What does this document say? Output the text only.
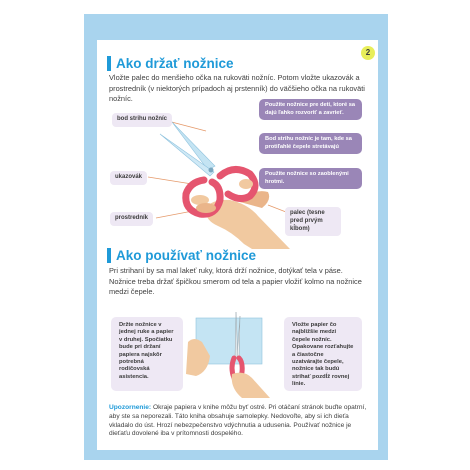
2
Ako držať nožnice
Vložte palec do menšieho očka na rukoväti nožníc. Potom vložte ukazovák a prostredník (v niektorých prípadoch aj prstenník) do väčšieho očka na rukoväti nožníc.
bod strihu nožníc
ukazovák
prostredník
palec (tesne pred prvým kĺbom)
Použite nožnice pre deti, ktoré sa dajú ľahko rozvoriť a zavrieť.
Bod strihu nožníc je tam, kde sa protiľahlé čepele stretávajú
Použite nožnice so zaoblenými hrotmi.
Ako používať nožnice
Pri strihaní by sa mal lakeť ruky, ktorá drží nožnice, dotýkať tela v páse. Nožnice treba držať špičkou smerom od tela a papier vložiť kolmo na nožnice medzi čepele.
Držte nožnice v jednej ruke a papier v druhej. Spočiatku bude pri držaní papiera najskôr potrebná rodičovská asistencia.
Vložte papier čo najbližšie medzi čepele nožníc. Opakovane rozťahujte a čiastočne uzatvárajte čepele, nožnice tak budú strihať pozdĺž rovnej línie.
Upozornenie: Okraje papiera v knihe môžu byť ostré. Pri otáčaní stránok buďte opatrní, aby ste sa neporezali. Táto kniha obsahuje samolepky. Nedovoľte, aby si ich dieťa vkladalo do úst. Hrozí nebezpečenstvo vdýchnutia a udusenia. Používať nožnice je dieťaťu dovolené iba v prítomnosti dospelého.
